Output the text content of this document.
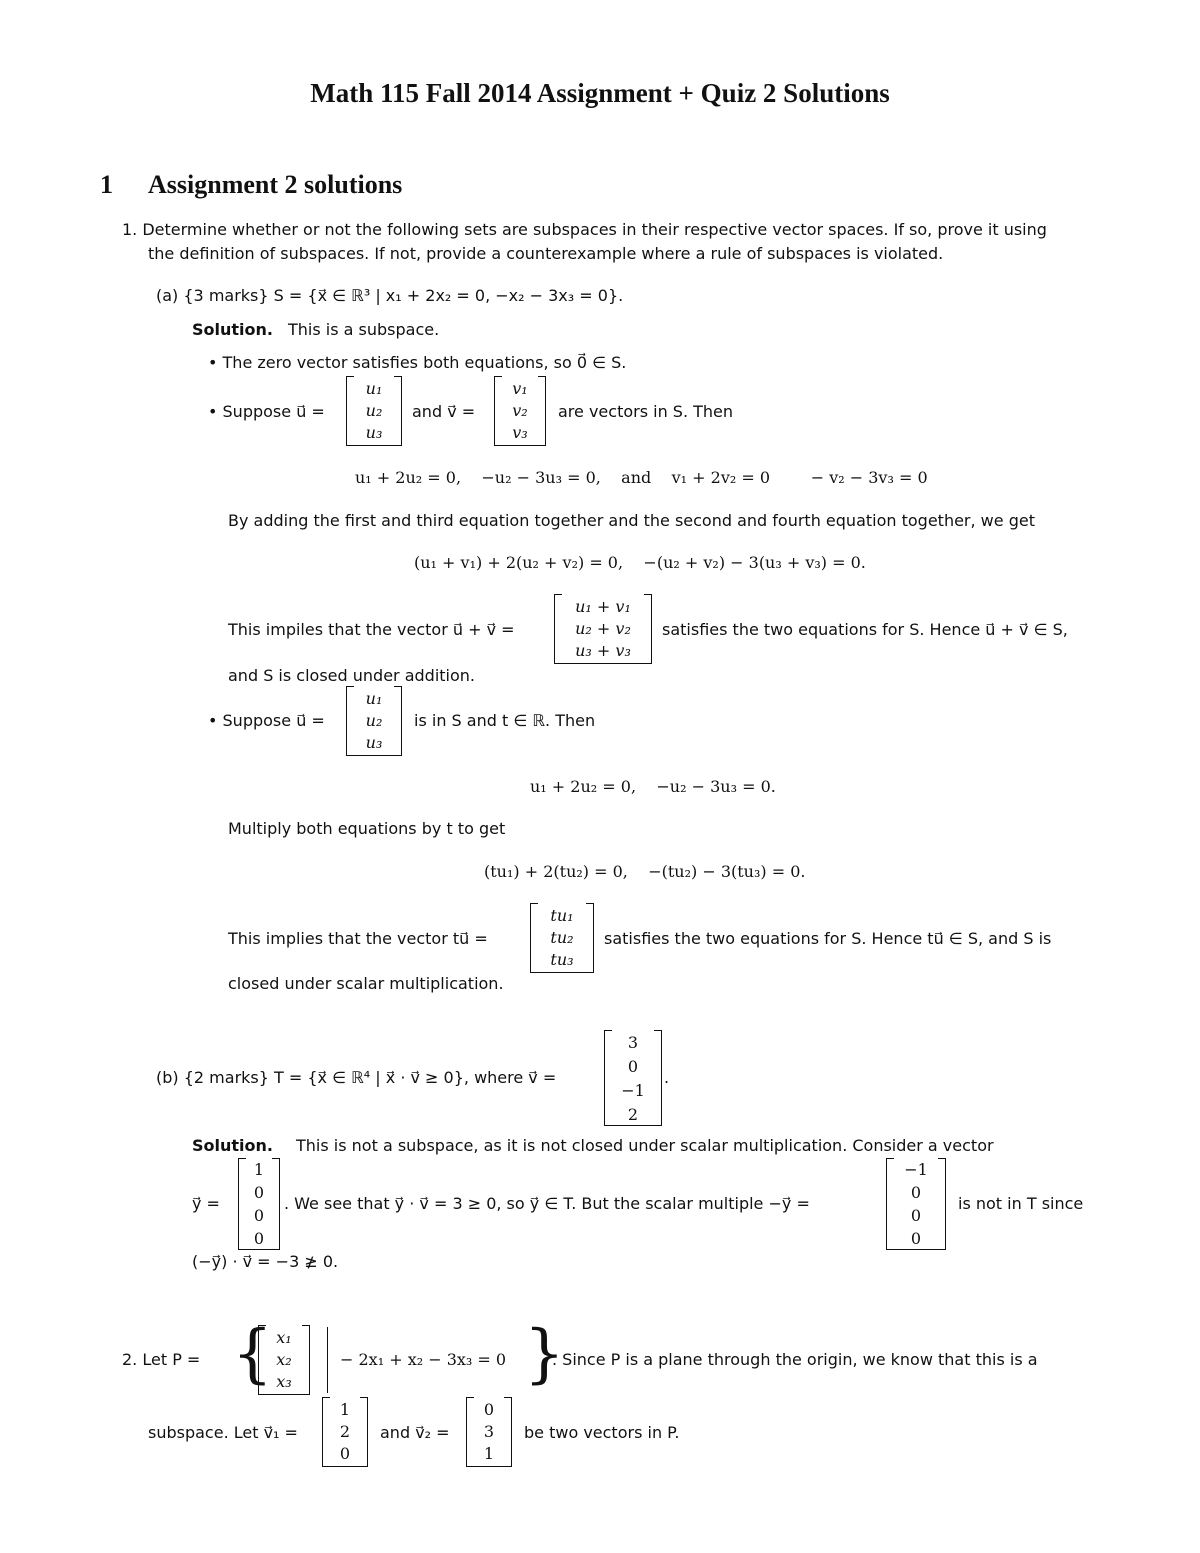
Math 115 Fall 2014 Assignment + Quiz 2 Solutions
1 Assignment 2 solutions
1. Determine whether or not the following sets are subspaces in their respective vector spaces. If so, prove it using
the definition of subspaces. If not, provide a counterexample where a rule of subspaces is violated.
(a) {3 marks} S = {x⃗ ∈ ℝ³ | x₁ + 2x₂ = 0, −x₂ − 3x₃ = 0}.
Solution. This is a subspace.
• The zero vector satisfies both equations, so 0⃗ ∈ S.
• Suppose u⃗ =
u₁
u₂
u₃
and v⃗ =
v₁
v₂
v₃
are vectors in S. Then
u₁ + 2u₂ = 0,    −u₂ − 3u₃ = 0,    and    v₁ + 2v₂ = 0        − v₂ − 3v₃ = 0
By adding the first and third equation together and the second and fourth equation together, we get
(u₁ + v₁) + 2(u₂ + v₂) = 0,    −(u₂ + v₂) − 3(u₃ + v₃) = 0.
This impiles that the vector u⃗ + v⃗ =
u₁ + v₁
u₂ + v₂
u₃ + v₃
satisfies the two equations for S. Hence u⃗ + v⃗ ∈ S,
and S is closed under addition.
• Suppose u⃗ =
u₁
u₂
u₃
is in S and t ∈ ℝ. Then
u₁ + 2u₂ = 0,    −u₂ − 3u₃ = 0.
Multiply both equations by t to get
(tu₁) + 2(tu₂) = 0,    −(tu₂) − 3(tu₃) = 0.
This implies that the vector tu⃗ =
tu₁
tu₂
tu₃
satisfies the two equations for S. Hence tu⃗ ∈ S, and S is
closed under scalar multiplication.
(b) {2 marks} T = {x⃗ ∈ ℝ⁴ | x⃗ · v⃗ ≥ 0}, where v⃗ =
3
0
−1
2
.
Solution. This is not a subspace, as it is not closed under scalar multiplication. Consider a vector
y⃗ =
1
0
0
0
. We see that y⃗ · v⃗ = 3 ≥ 0, so y⃗ ∈ T. But the scalar multiple −y⃗ =
−1
0
0
0
is not in T since
(−y⃗) · v⃗ = −3 ≱ 0.
2. Let P = { x₁
x₂
x₃
− 2x₁ + x₂ − 3x₃ = 0 }
. Since P is a plane through the origin, we know that this is a
subspace. Let v⃗₁ =
1
2
0
and v⃗₂ =
0
3
1
be two vectors in P.
